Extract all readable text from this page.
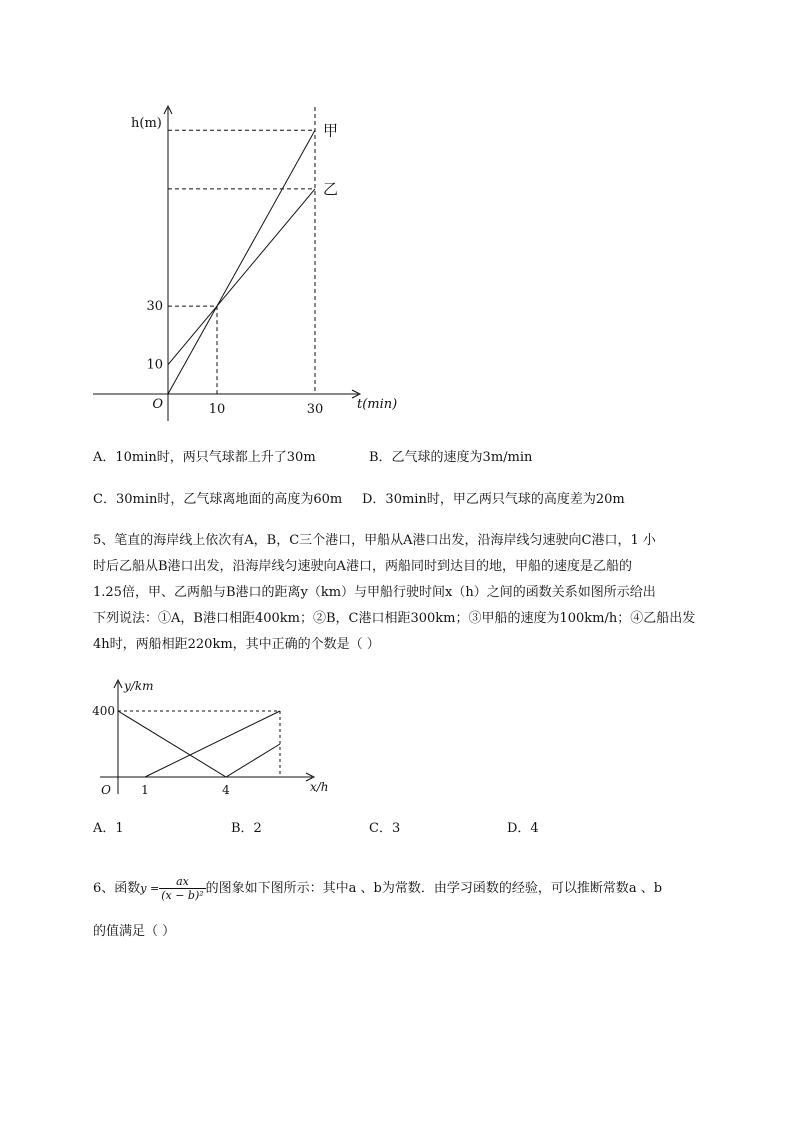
甲
乙
10	30
10
30
O
h(m)
t(min)
A．10min时，两只气球都上升了30m	B．乙气球的速度为3m/min
C．30min时，乙气球离地面的高度为60m D．30min时，甲乙两只气球的高度差为20m
5、笔直的海岸线上依次有A，B，C三个港口，甲船从A港口出发，沿海岸线匀速驶向C港口，1 小
时后乙船从B港口出发，沿海岸线匀速驶向A港口，两船同时到达目的地，甲船的速度是乙船的
1.25倍，甲、乙两船与B港口的距离y（km）与甲船行驶时间x（h）之间的函数关系如图所示给出
下列说法：①A，B港口相距400km；②B，C港口相距300km；③甲船的速度为100km/h；④乙船出发
4h时，两船相距220km，其中正确的个数是（ ）
1	4
400
O
y/km
x/h
A．1	B．2	C．3	D．4
6、函数$y = \frac{ax}{\text{(x − b)²}}$ 的图象如下图所示：其中a 、b为常数．由学习函数的经验，可以推断常数a 、b
的值满足（ ）
